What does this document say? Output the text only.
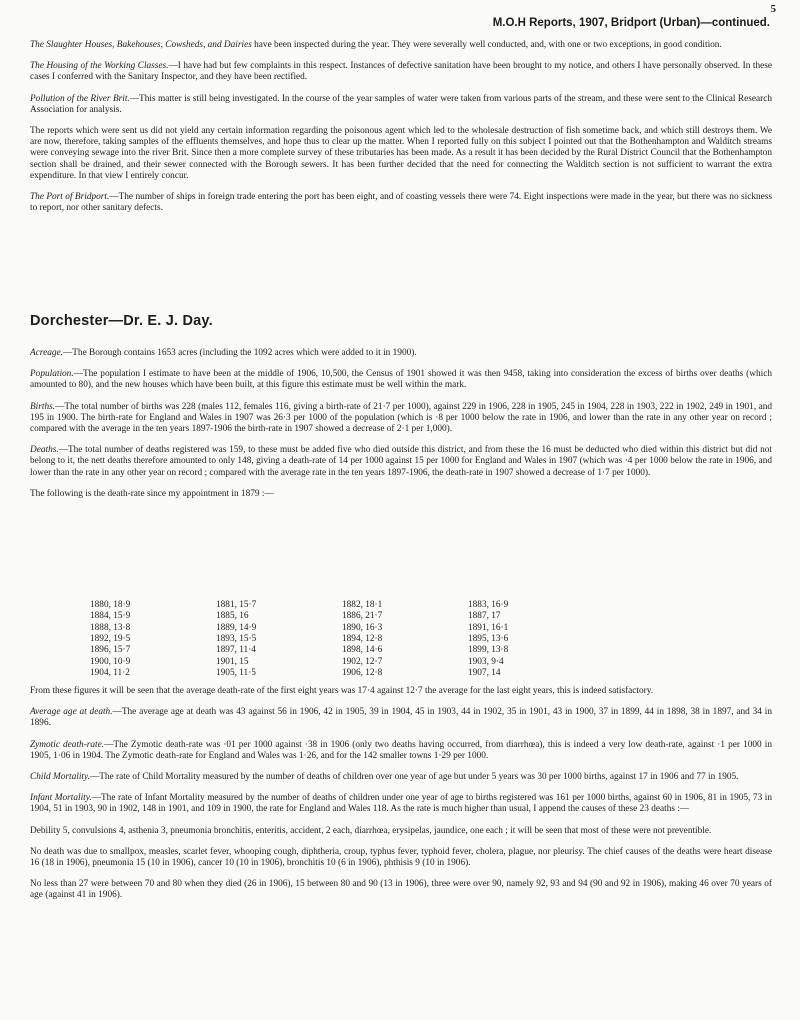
5
M.O.H Reports, 1907, Bridport (Urban)—continued.

The Slaughter Houses, Bakehouses, Cowsheds, and Dairies have been inspected during the year. They were severally well conducted, and, with one or two exceptions, in good condition.

The Housing of the Working Classes.—I have had but few complaints in this respect. Instances of defective sanitation have been brought to my notice, and others I have personally observed. In these cases I conferred with the Sanitary Inspector, and they have been rectified.

Pollution of the River Brit.—This matter is still being investigated. In the course of the year samples of water were taken from various parts of the stream, and these were sent to the Clinical Research Association for analysis.

The reports which were sent us did not yield any certain information regarding the poisonous agent which led to the wholesale destruction of fish sometime back, and which still destroys them. We are now, therefore, taking samples of the effluents themselves, and hope thus to clear up the matter. When I reported fully on this subject I pointed out that the Bothenhampton and Walditch streams were conveying sewage into the river Brit. Since then a more complete survey of these tributaries has been made. As a result it has been decided by the Rural District Council that the Bothenhampton section shall be drained, and their sewer connected with the Borough sewers. It has been further decided that the need for connecting the Walditch section is not sufficient to warrant the extra expenditure. In that view I entirely concur.

The Port of Bridport.—The number of ships in foreign trade entering the port has been eight, and of coasting vessels there were 74. Eight inspections were made in the year, but there was no sickness to report, nor other sanitary defects.

Dorchester—Dr. E. J. Day.

Acreage.—The Borough contains 1653 acres (including the 1092 acres which were added to it in 1900).

Population.—The population I estimate to have been at the middle of 1906, 10,500, the Census of 1901 showed it was then 9458, taking into consideration the excess of births over deaths (which amounted to 80), and the new houses which have been built, at this figure this estimate must be well within the mark.

Births.—The total number of births was 228 (males 112, females 116, giving a birth-rate of 21·7 per 1000), against 229 in 1906, 228 in 1905, 245 in 1904, 228 in 1903, 222 in 1902, 249 in 1901, and 195 in 1900. The birth-rate for England and Wales in 1907 was 26·3 per 1000 of the population (which is ·8 per 1000 below the rate in 1906, and lower than the rate in any other year on record ; compared with the average in the ten years 1897-1906 the birth-rate in 1907 showed a decrease of 2·1 per 1,000).

Deaths.—The total number of deaths registered was 159, to these must be added five who died outside this district, and from these the 16 must be deducted who died within this district but did not belong to it, the nett deaths therefore amounted to only 148, giving a death-rate of 14 per 1000 against 15 per 1000 for England and Wales in 1907 (which was ·4 per 1000 below the rate in 1906, and lower than the rate in any other year on record ; compared with the average rate in the ten years 1897-1906, the death-rate in 1907 showed a decrease of 1·7 per 1000).

The following is the death-rate since my appointment in 1879 :—

1880, 18·9	1881, 15·7	1882, 18·1	1883, 16·9
1884, 15·9	1885, 16	1886, 21·7	1887, 17
1888, 13·8	1889, 14·9	1890, 16·3	1891, 16·1
1892, 19·5	1893, 15·5	1894, 12·8	1895, 13·6
1896, 15·7	1897, 11·4	1898, 14·6	1899, 13·8
1900, 10·9	1901, 15	1902, 12·7	1903, 9·4
1904, 11·2	1905, 11·5	1906, 12·8	1907, 14

From these figures it will be seen that the average death-rate of the first eight years was 17·4 against 12·7 the average for the last eight years, this is indeed satisfactory.

Average age at death.—The average age at death was 43 against 56 in 1906, 42 in 1905, 39 in 1904, 45 in 1903, 44 in 1902, 35 in 1901, 43 in 1900, 37 in 1899, 44 in 1898, 38 in 1897, and 34 in 1896.

Zymotic death-rate.—The Zymotic death-rate was ·01 per 1000 against ·38 in 1906 (only two deaths having occurred, from diarrhœa), this is indeed a very low death-rate, against ·1 per 1000 in 1905, 1·06 in 1904. The Zymotic death-rate for England and Wales was 1·26, and for the 142 smaller towns 1·29 per 1000.

Child Mortality.—The rate of Child Mortality measured by the number of deaths of children over one year of age but under 5 years was 30 per 1000 births, against 17 in 1906 and 77 in 1905.

Infant Mortality.—The rate of Infant Mortality measured by the number of deaths of children under one year of age to births registered was 161 per 1000 births, against 60 in 1906, 81 in 1905, 73 in 1904, 51 in 1903, 90 in 1902, 148 in 1901, and 109 in 1900, the rate for England and Wales 118. As the rate is much higher than usual, I append the causes of these 23 deaths :—

Debility 5, convulsions 4, asthenia 3, pneumonia bronchitis, enteritis, accident, 2 each, diarrhœa, erysipelas, jaundice, one each ; it will be seen that most of these were not preventible.

No death was due to smallpox, measles, scarlet fever, whooping cough, diphtheria, croup, typhus fever, typhoid fever, cholera, plague, nor pleurisy. The chief causes of the deaths were heart disease 16 (18 in 1906), pneumonia 15 (10 in 1906), cancer 10 (10 in 1906), bronchitis 10 (6 in 1906), phthisis 9 (10 in 1906).

No less than 27 were between 70 and 80 when they died (26 in 1906), 15 between 80 and 90 (13 in 1906), three were over 90, namely 92, 93 and 94 (90 and 92 in 1906), making 46 over 70 years of age (against 41 in 1906).
